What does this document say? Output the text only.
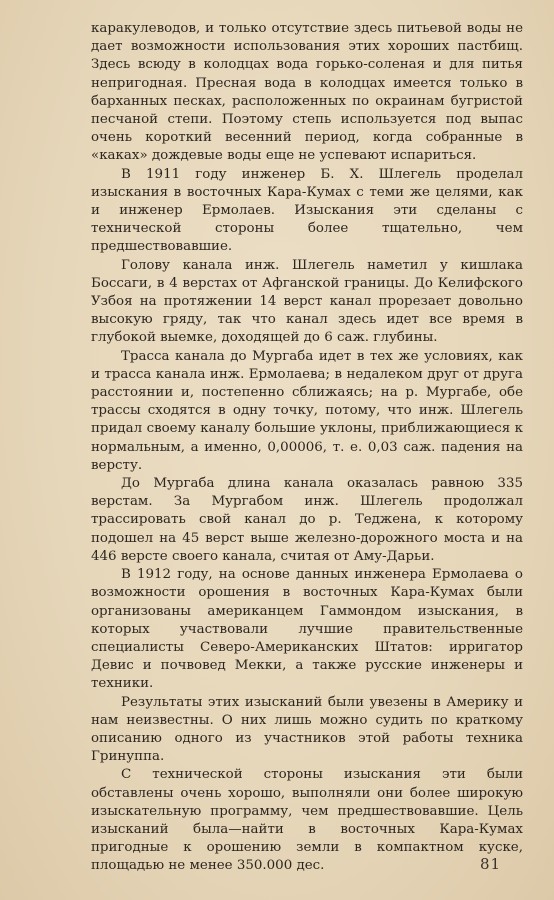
каракулеводов, и только отсутствие здесь питьевой воды не дает возможности использования этих хороших пастбищ. Здесь всюду в колодцах вода горько-соленая и для питья непригодная. Пресная вода в колодцах имеется только в барханных песках, расположенных по окраинам бугристой песчаной степи. Поэтому степь используется под выпас очень короткий весенний период, когда собранные в «каках» дождевые воды еще не успевают испариться.

В 1911 году инженер Б. Х. Шлегель проделал изыскания в восточных Кара-Кумах с теми же целями, как и инженер Ермолаев. Изыскания эти сделаны с технической стороны более тщательно, чем предшествовавшие.

Голову канала инж. Шлегель наметил у кишлака Боссаги, в 4 верстах от Афганской границы. До Келифского Узбоя на протяжении 14 верст канал прорезает довольно высокую гряду, так что канал здесь идет все время в глубокой выемке, доходящей до 6 саж. глубины.

Трасса канала до Мургаба идет в тех же условиях, как и трасса канала инж. Ермолаева; в недалеком друг от друга расстоянии и, постепенно сближаясь; на р. Мургабе, обе трассы сходятся в одну точку, потому, что инж. Шлегель придал своему каналу большие уклоны, приближающиеся к нормальным, а именно, 0,00006, т. е. 0,03 саж. падения на версту.

До Мургаба длина канала оказалась равною 335 верстам. За Мургабом инж. Шлегель продолжал трассировать свой канал до р. Теджена, к которому подошел на 45 верст выше железно-дорожного моста и на 446 версте своего канала, считая от Аму-Дарьи.

В 1912 году, на основе данных инженера Ермолаева о возможности орошения в восточных Кара-Кумах были организованы американцем Гаммондом изыскания, в которых участвовали лучшие правительственные специалисты Северо-Американских Штатов: ирригатор Девис и почвовед Мекки, а также русские инженеры и техники.

Результаты этих изысканий были увезены в Америку и нам неизвестны. О них лишь можно судить по краткому описанию одного из участников этой работы техника Гринуппа.

С технической стороны изыскания эти были обставлены очень хорошо, выполняли они более широкую изыскательную программу, чем предшествовавшие. Цель изысканий была—найти в восточных Кара-Кумах пригодные к орошению земли в компактном куске, площадью не менее 350.000 дес.	81
